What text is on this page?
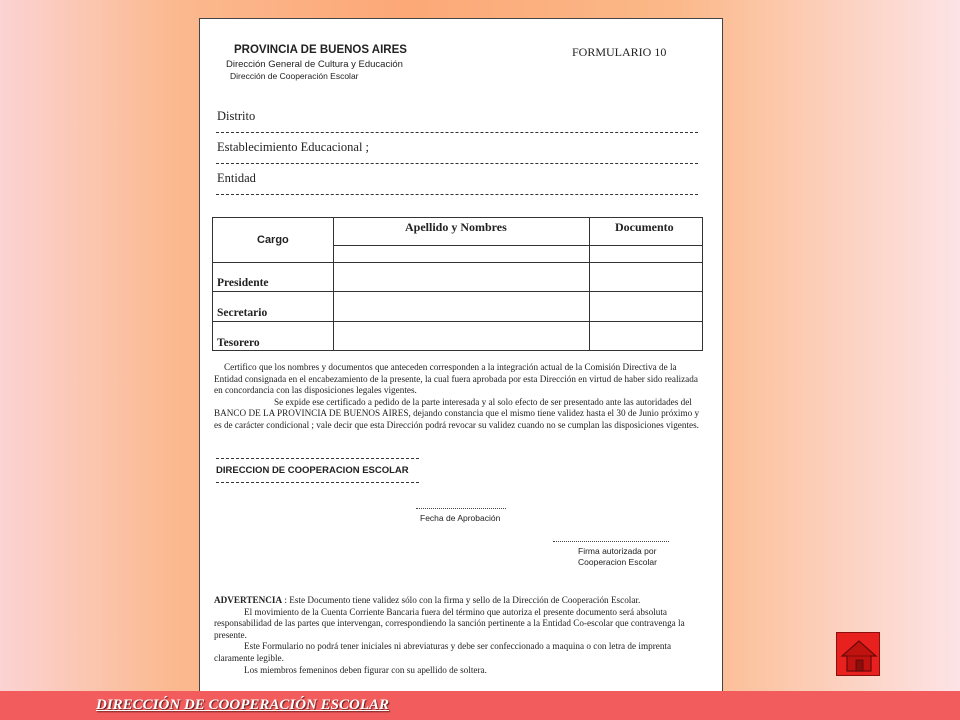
PROVINCIA DE BUENOS AIRES
Dirección General de Cultura y Educación
Dirección de Cooperación Escolar
FORMULARIO 10
Distrito
Establecimiento Educacional ;
Entidad
Cargo
Apellido y Nombres	Documento
Presidente
Secretario
Tesorero

Certifico que los nombres y documentos que anteceden corresponden a la integración actual de la Comisión Directiva de la Entidad consignada en el encabezamiento de la presente, la cual fuera aprobada por esta Dirección en virtud de haber sido realizada en concordancia con las disposiciones legales vigentes.

Se expide ese certificado a pedido de la parte interesada y al solo efecto de ser presentado ante las autoridades del BANCO DE LA PROVINCIA DE BUENOS AIRES, dejando constancia que el mismo tiene validez hasta el 30 de Junio próximo y es de carácter condicional ; vale decir que esta Dirección podrá revocar su validez cuando no se cumplan las disposiciones vigentes.

DIRECCION DE COOPERACION ESCOLAR
Fecha de Aprobación
Firma autorizada por
Cooperacion Escolar

ADVERTENCIA : Este Documento tiene validez sólo con la firma y sello de la Dirección de Cooperación Escolar.

El movimiento de la Cuenta Corriente Bancaria fuera del término que autoriza el presente documento será absoluta responsabilidad de las partes que intervengan, correspondiendo la sanción pertinente a la Entidad Co-escolar que contravenga la presente.

Este Formulario no podrá tener iniciales ni abreviaturas y debe ser confeccionado a maquina o con letra de imprenta claramente legible.

Los miembros femeninos deben figurar con su apellido de soltera.

DIRECCIÓN DE COOPERACIÓN ESCOLAR
